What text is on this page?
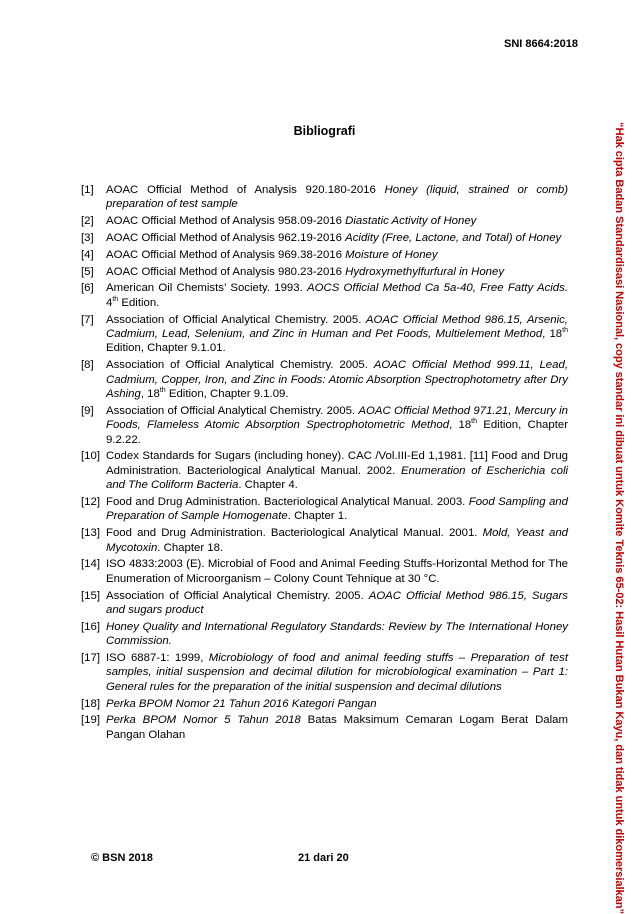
SNI 8664:2018
Bibliografi
[1] AOAC Official Method of Analysis 920.180-2016 Honey (liquid, strained or comb) preparation of test sample
[2] AOAC Official Method of Analysis 958.09-2016 Diastatic Activity of Honey
[3] AOAC Official Method of Analysis 962.19-2016 Acidity (Free, Lactone, and Total) of Honey
[4] AOAC Official Method of Analysis 969.38-2016 Moisture of Honey
[5] AOAC Official Method of Analysis 980.23-2016 Hydroxymethylfurfural in Honey
[6] American Oil Chemists’ Society. 1993. AOCS Official Method Ca 5a-40, Free Fatty Acids. 4th Edition.
[7] Association of Official Analytical Chemistry. 2005. AOAC Official Method 986.15, Arsenic, Cadmium, Lead, Selenium, and Zinc in Human and Pet Foods, Multielement Method, 18th Edition, Chapter 9.1.01.
[8] Association of Official Analytical Chemistry. 2005. AOAC Official Method 999.11, Lead, Cadmium, Copper, Iron, and Zinc in Foods: Atomic Absorption Spectrophotometry after Dry Ashing, 18th Edition, Chapter 9.1.09.
[9] Association of Official Analytical Chemistry. 2005. AOAC Official Method 971.21, Mercury in Foods, Flameless Atomic Absorption Spectrophotometric Method, 18th Edition, Chapter 9.2.22.
[10] Codex Standards for Sugars (including honey). CAC /Vol.III-Ed 1,1981. [11] Food and Drug Administration. Bacteriological Analytical Manual. 2002. Enumeration of Escherichia coli and The Coliform Bacteria. Chapter 4.
[12] Food and Drug Administration. Bacteriological Analytical Manual. 2003. Food Sampling and Preparation of Sample Homogenate. Chapter 1.
[13] Food and Drug Administration. Bacteriological Analytical Manual. 2001. Mold, Yeast and Mycotoxin. Chapter 18.
[14] ISO 4833:2003 (E). Microbial of Food and Animal Feeding Stuffs-Horizontal Method for The Enumeration of Microorganism – Colony Count Tehnique at 30 °C.
[15] Association of Official Analytical Chemistry. 2005. AOAC Official Method 986.15, Sugars and sugars product
[16] Honey Quality and International Regulatory Standards: Review by The International Honey Commission.
[17] ISO 6887-1: 1999, Microbiology of food and animal feeding stuffs – Preparation of test samples, initial suspension and decimal dilution for microbiological examination – Part 1: General rules for the preparation of the initial suspension and decimal dilutions
[18] Perka BPOM Nomor 21 Tahun 2016 Kategori Pangan
[19] Perka BPOM Nomor 5 Tahun 2018 Batas Maksimum Cemaran Logam Berat Dalam Pangan Olahan	“Hak cipta Badan Standardisasi Nasional, copy standar ini dibuat untuk Komite Teknis 65-02: Hasil Hutan Bukan Kayu, dan tidak untuk dikomersialkan”
© BSN 2018	21 dari 20
